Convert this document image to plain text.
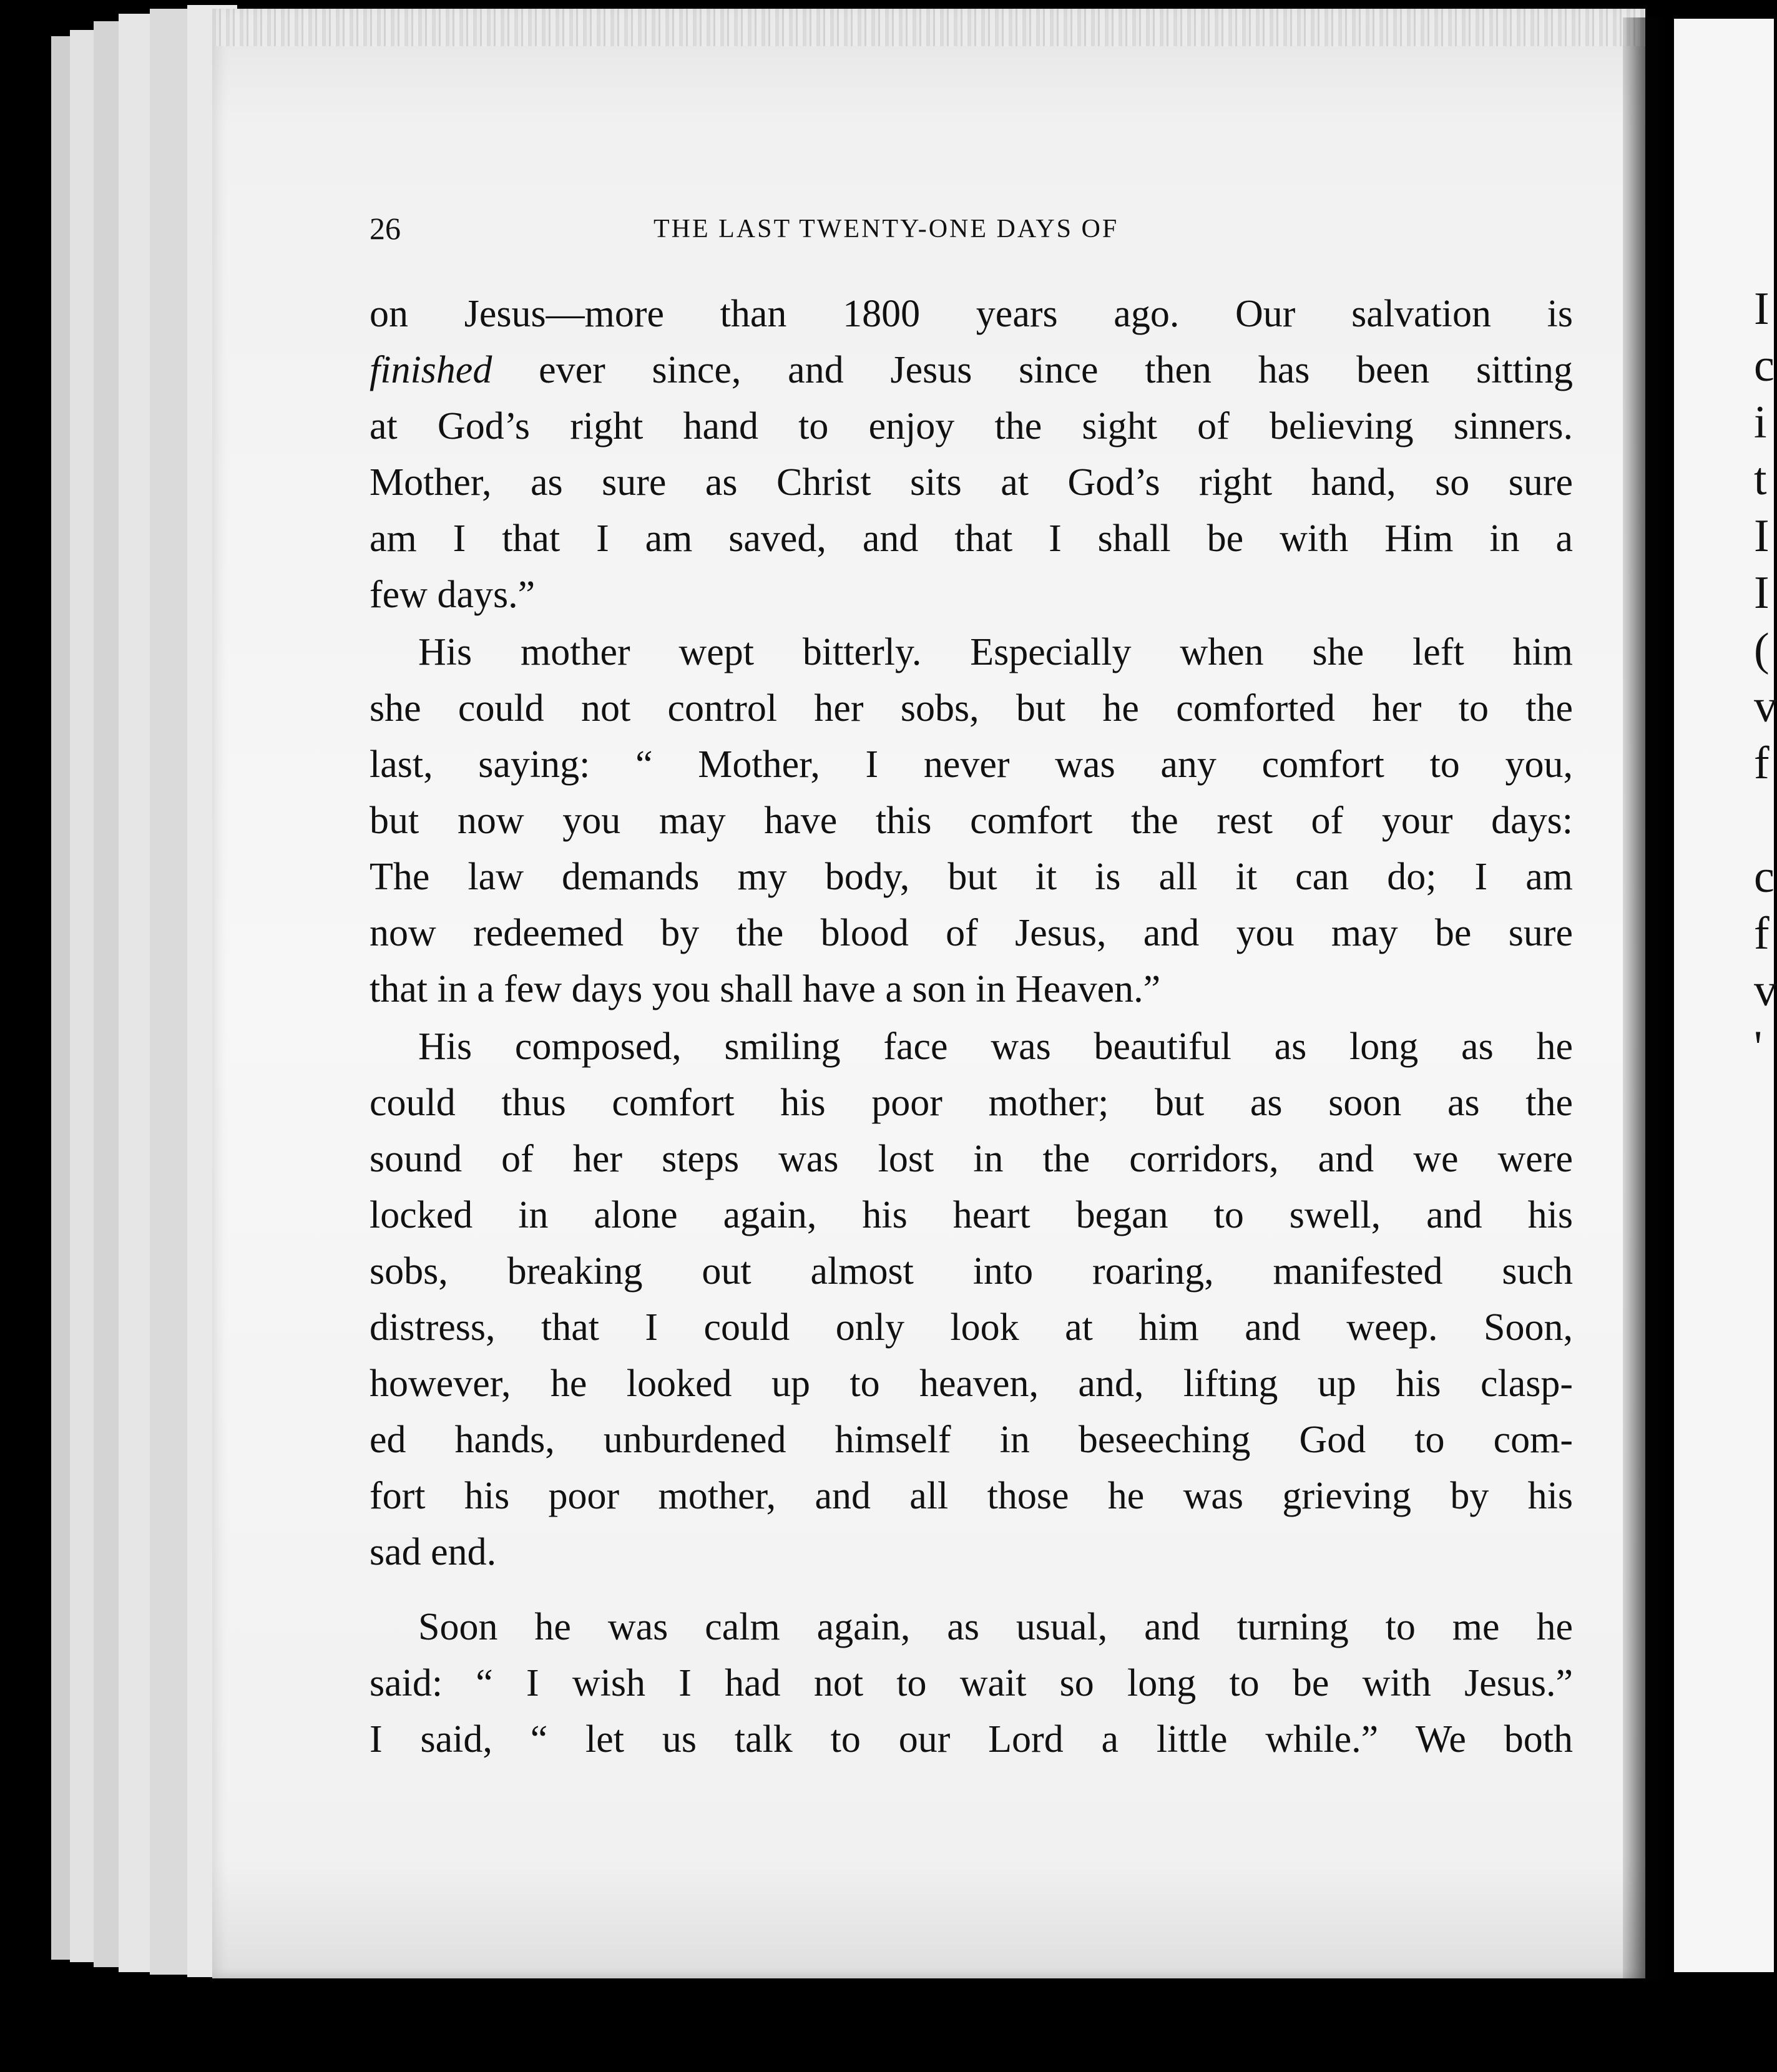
I
c
i
t
I
I
(
v
f
c
f
v
'
26	THE LAST TWENTY-ONE DAYS OF
on Jesus—more than 1800 years ago. Our salvation is
finished ever since, and Jesus since then has been sitting
at God’s right hand to enjoy the sight of believing sinners.
Mother, as sure as Christ sits at God’s right hand, so sure
am I that I am saved, and that I shall be with Him in a
few days.”
His mother wept bitterly. Especially when she left him
she could not control her sobs, but he comforted her to the
last, saying: “ Mother, I never was any comfort to you,
but now you may have this comfort the rest of your days:
The law demands my body, but it is all it can do; I am
now redeemed by the blood of Jesus, and you may be sure
that in a few days you shall have a son in Heaven.”
His composed, smiling face was beautiful as long as he
could thus comfort his poor mother; but as soon as the
sound of her steps was lost in the corridors, and we were
locked in alone again, his heart began to swell, and his
sobs, breaking out almost into roaring, manifested such
distress, that I could only look at him and weep. Soon,
however, he looked up to heaven, and, lifting up his clasp-
ed hands, unburdened himself in beseeching God to com-
fort his poor mother, and all those he was grieving by his
sad end.
Soon he was calm again, as usual, and turning to me he
said: “ I wish I had not to wait so long to be with Jesus.”
I said, “ let us talk to our Lord a little while.” We both
